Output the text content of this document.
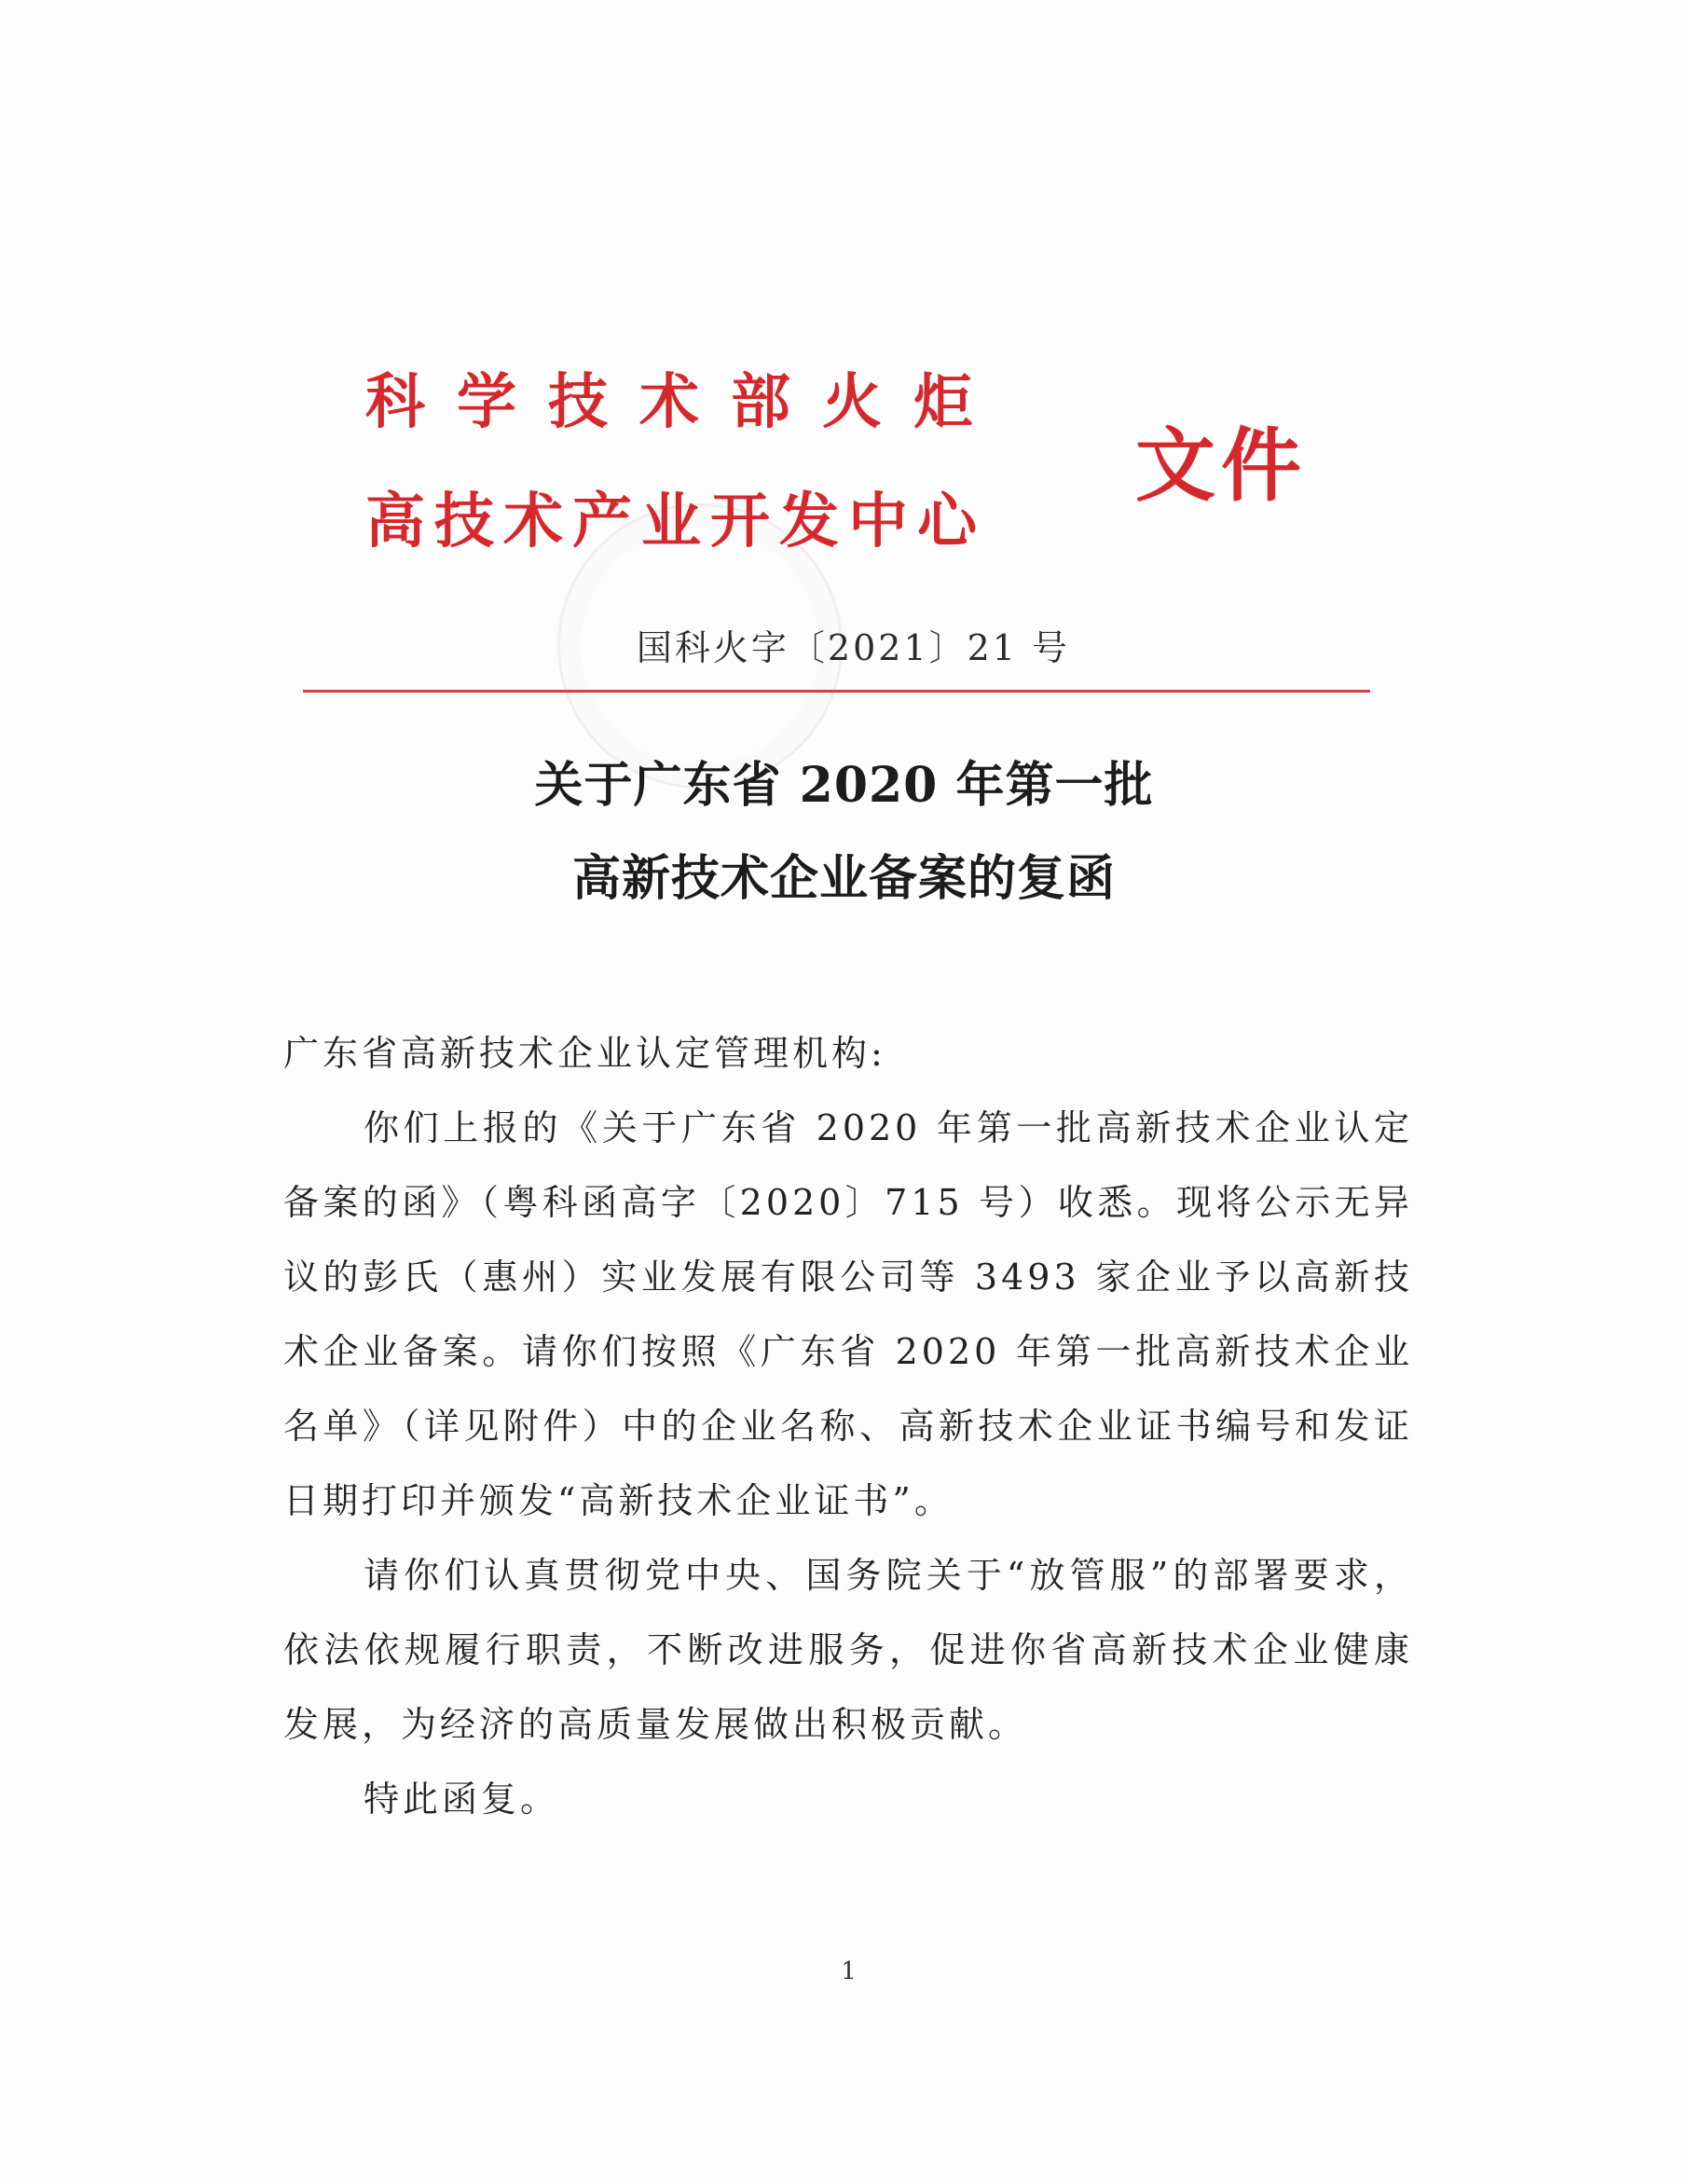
科学技术部火炬
高技术产业开发中心
文件
国科火字〔2021〕21 号
关于广东省 2020 年第一批
高新技术企业备案的复函
广东省高新技术企业认定管理机构:
你们上报的《关于广东省 2020 年第一批高新技术企业认定备案的函》（粤科函高字〔2020〕715 号）收悉。现将公示无异议的彭氏（惠州）实业发展有限公司等 3493 家企业予以高新技术企业备案。请你们按照《广东省 2020 年第一批高新技术企业名单》（详见附件）中的企业名称、高新技术企业证书编号和发证日期打印并颁发“高新技术企业证书”。
请你们认真贯彻党中央、国务院关于“放管服”的部署要求，依法依规履行职责，不断改进服务，促进你省高新技术企业健康发展，为经济的高质量发展做出积极贡献。
特此函复。
1
